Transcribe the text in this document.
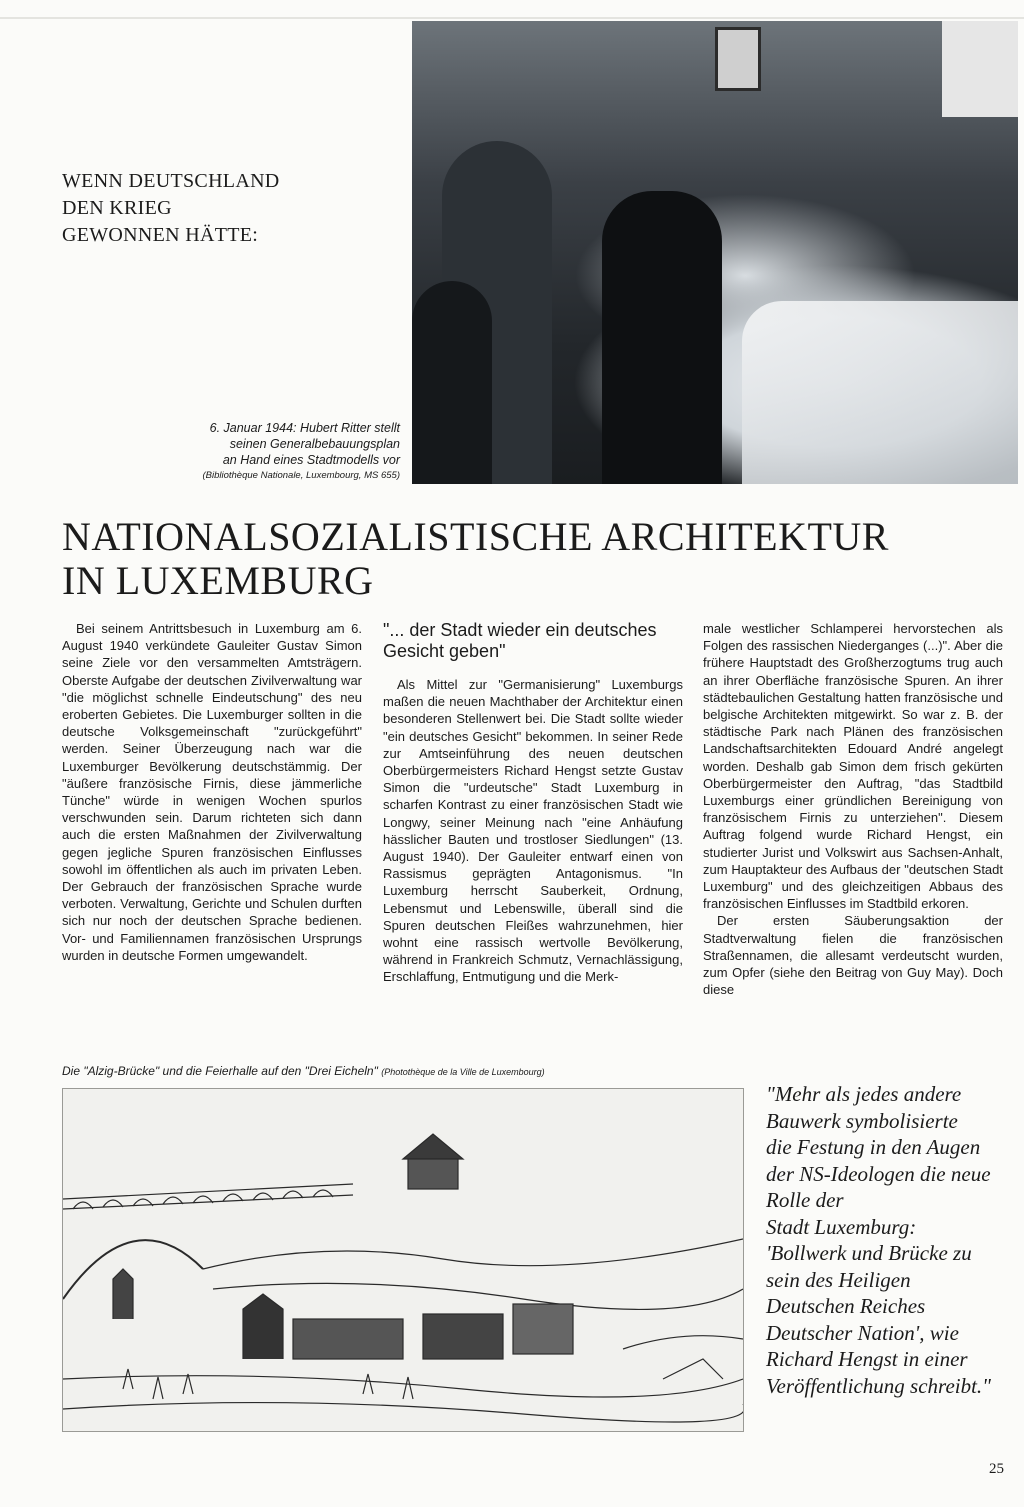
WENN DEUTSCHLAND
DEN KRIEG
GEWONNEN HÄTTE:
6. Januar 1944: Hubert Ritter stellt
seinen Generalbebauungsplan
an Hand eines Stadtmodells vor
(Bibliothèque Nationale, Luxembourg, MS 655)
NATIONALSOZIALISTISCHE ARCHITEKTUR
IN LUXEMBURG

Bei seinem Antrittsbesuch in Luxemburg am 6. August 1940 verkündete Gauleiter Gustav Simon seine Ziele vor den versammelten Amtsträgern. Oberste Aufgabe der deutschen Zivilverwaltung war "die möglichst schnelle Eindeutschung" des neu eroberten Gebietes. Die Luxemburger sollten in die deutsche Volksgemeinschaft "zurückgeführt" werden. Seiner Überzeugung nach war die Luxemburger Bevölkerung deutschstämmig. Der "äußere französische Firnis, diese jämmerliche Tünche" würde in wenigen Wochen spurlos verschwunden sein. Darum richteten sich dann auch die ersten Maßnahmen der Zivilverwaltung gegen jegliche Spuren französischen Einflusses sowohl im öffentlichen als auch im privaten Leben. Der Gebrauch der französischen Sprache wurde verboten. Verwaltung, Gerichte und Schulen durften sich nur noch der deutschen Sprache bedienen. Vor- und Familiennamen französischen Ursprungs wurden in deutsche Formen umgewandelt.

"... der Stadt wieder ein deutsches Gesicht geben"

Als Mittel zur "Germanisierung" Luxemburgs maßen die neuen Machthaber der Architektur einen besonderen Stellenwert bei. Die Stadt sollte wieder "ein deutsches Gesicht" bekommen. In seiner Rede zur Amtseinführung des neuen deutschen Oberbürgermeisters Richard Hengst setzte Gustav Simon die "urdeutsche" Stadt Luxemburg in scharfen Kontrast zu einer französischen Stadt wie Longwy, seiner Meinung nach "eine Anhäufung hässlicher Bauten und trostloser Siedlungen" (13. August 1940). Der Gauleiter entwarf einen von Rassismus geprägten Antagonismus. "In Luxemburg herrscht Sauberkeit, Ordnung, Lebensmut und Lebenswille, überall sind die Spuren deutschen Fleißes wahrzunehmen, hier wohnt eine rassisch wertvolle Bevölkerung, während in Frankreich Schmutz, Vernachlässigung, Erschlaffung, Entmutigung und die Merk-

male westlicher Schlamperei hervorstechen als Folgen des rassischen Niederganges (...)". Aber die frühere Hauptstadt des Großherzogtums trug auch an ihrer Oberfläche französische Spuren. An ihrer städtebaulichen Gestaltung hatten französische und belgische Architekten mitgewirkt. So war z. B. der städtische Park nach Plänen des französischen Landschaftsarchitekten Edouard André angelegt worden. Deshalb gab Simon dem frisch gekürten Oberbürgermeister den Auftrag, "das Stadtbild Luxemburgs einer gründlichen Bereinigung von französischem Firnis zu unterziehen". Diesem Auftrag folgend wurde Richard Hengst, ein studierter Jurist und Volkswirt aus Sachsen-Anhalt, zum Hauptakteur des Aufbaus der "deutschen Stadt Luxemburg" und des gleichzeitigen Abbaus des französischen Einflusses im Stadtbild erkoren.

Der ersten Säuberungsaktion der Stadtverwaltung fielen die französischen Straßennamen, die allesamt verdeutscht wurden, zum Opfer (siehe den Beitrag von Guy May). Doch diese

Die "Alzig-Brücke" und die Feierhalle auf den "Drei Eicheln" (Photothèque de la Ville de Luxembourg)
"Mehr als jedes andere
Bauwerk symbolisierte
die Festung in den Augen
der NS-Ideologen die neue
Rolle der
Stadt Luxemburg:
'Bollwerk und Brücke zu
sein des Heiligen
Deutschen Reiches
Deutscher Nation', wie
Richard Hengst in einer
Veröffentlichung schreibt."
25
